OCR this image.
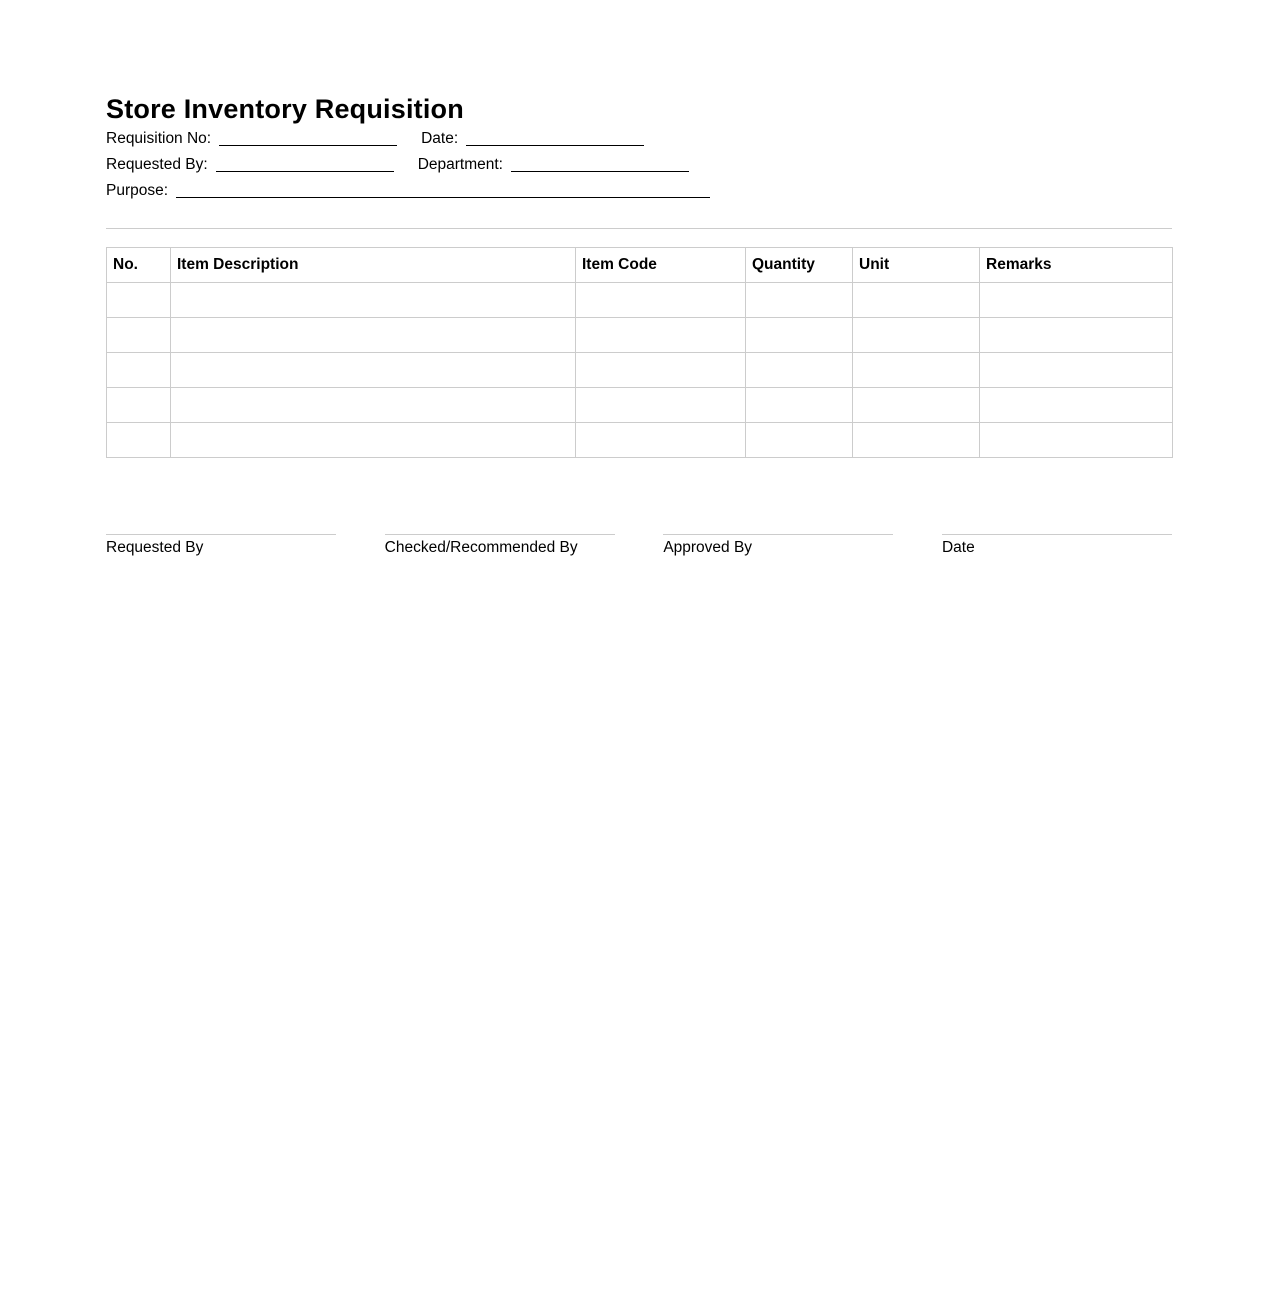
Store Inventory Requisition
Requisition No:	Date:
Requested By:	Department:
Purpose:
No.	Item Description	Item Code	Quantity	Unit	Remarks

Requested By	Checked/Recommended By	Approved By	Date
